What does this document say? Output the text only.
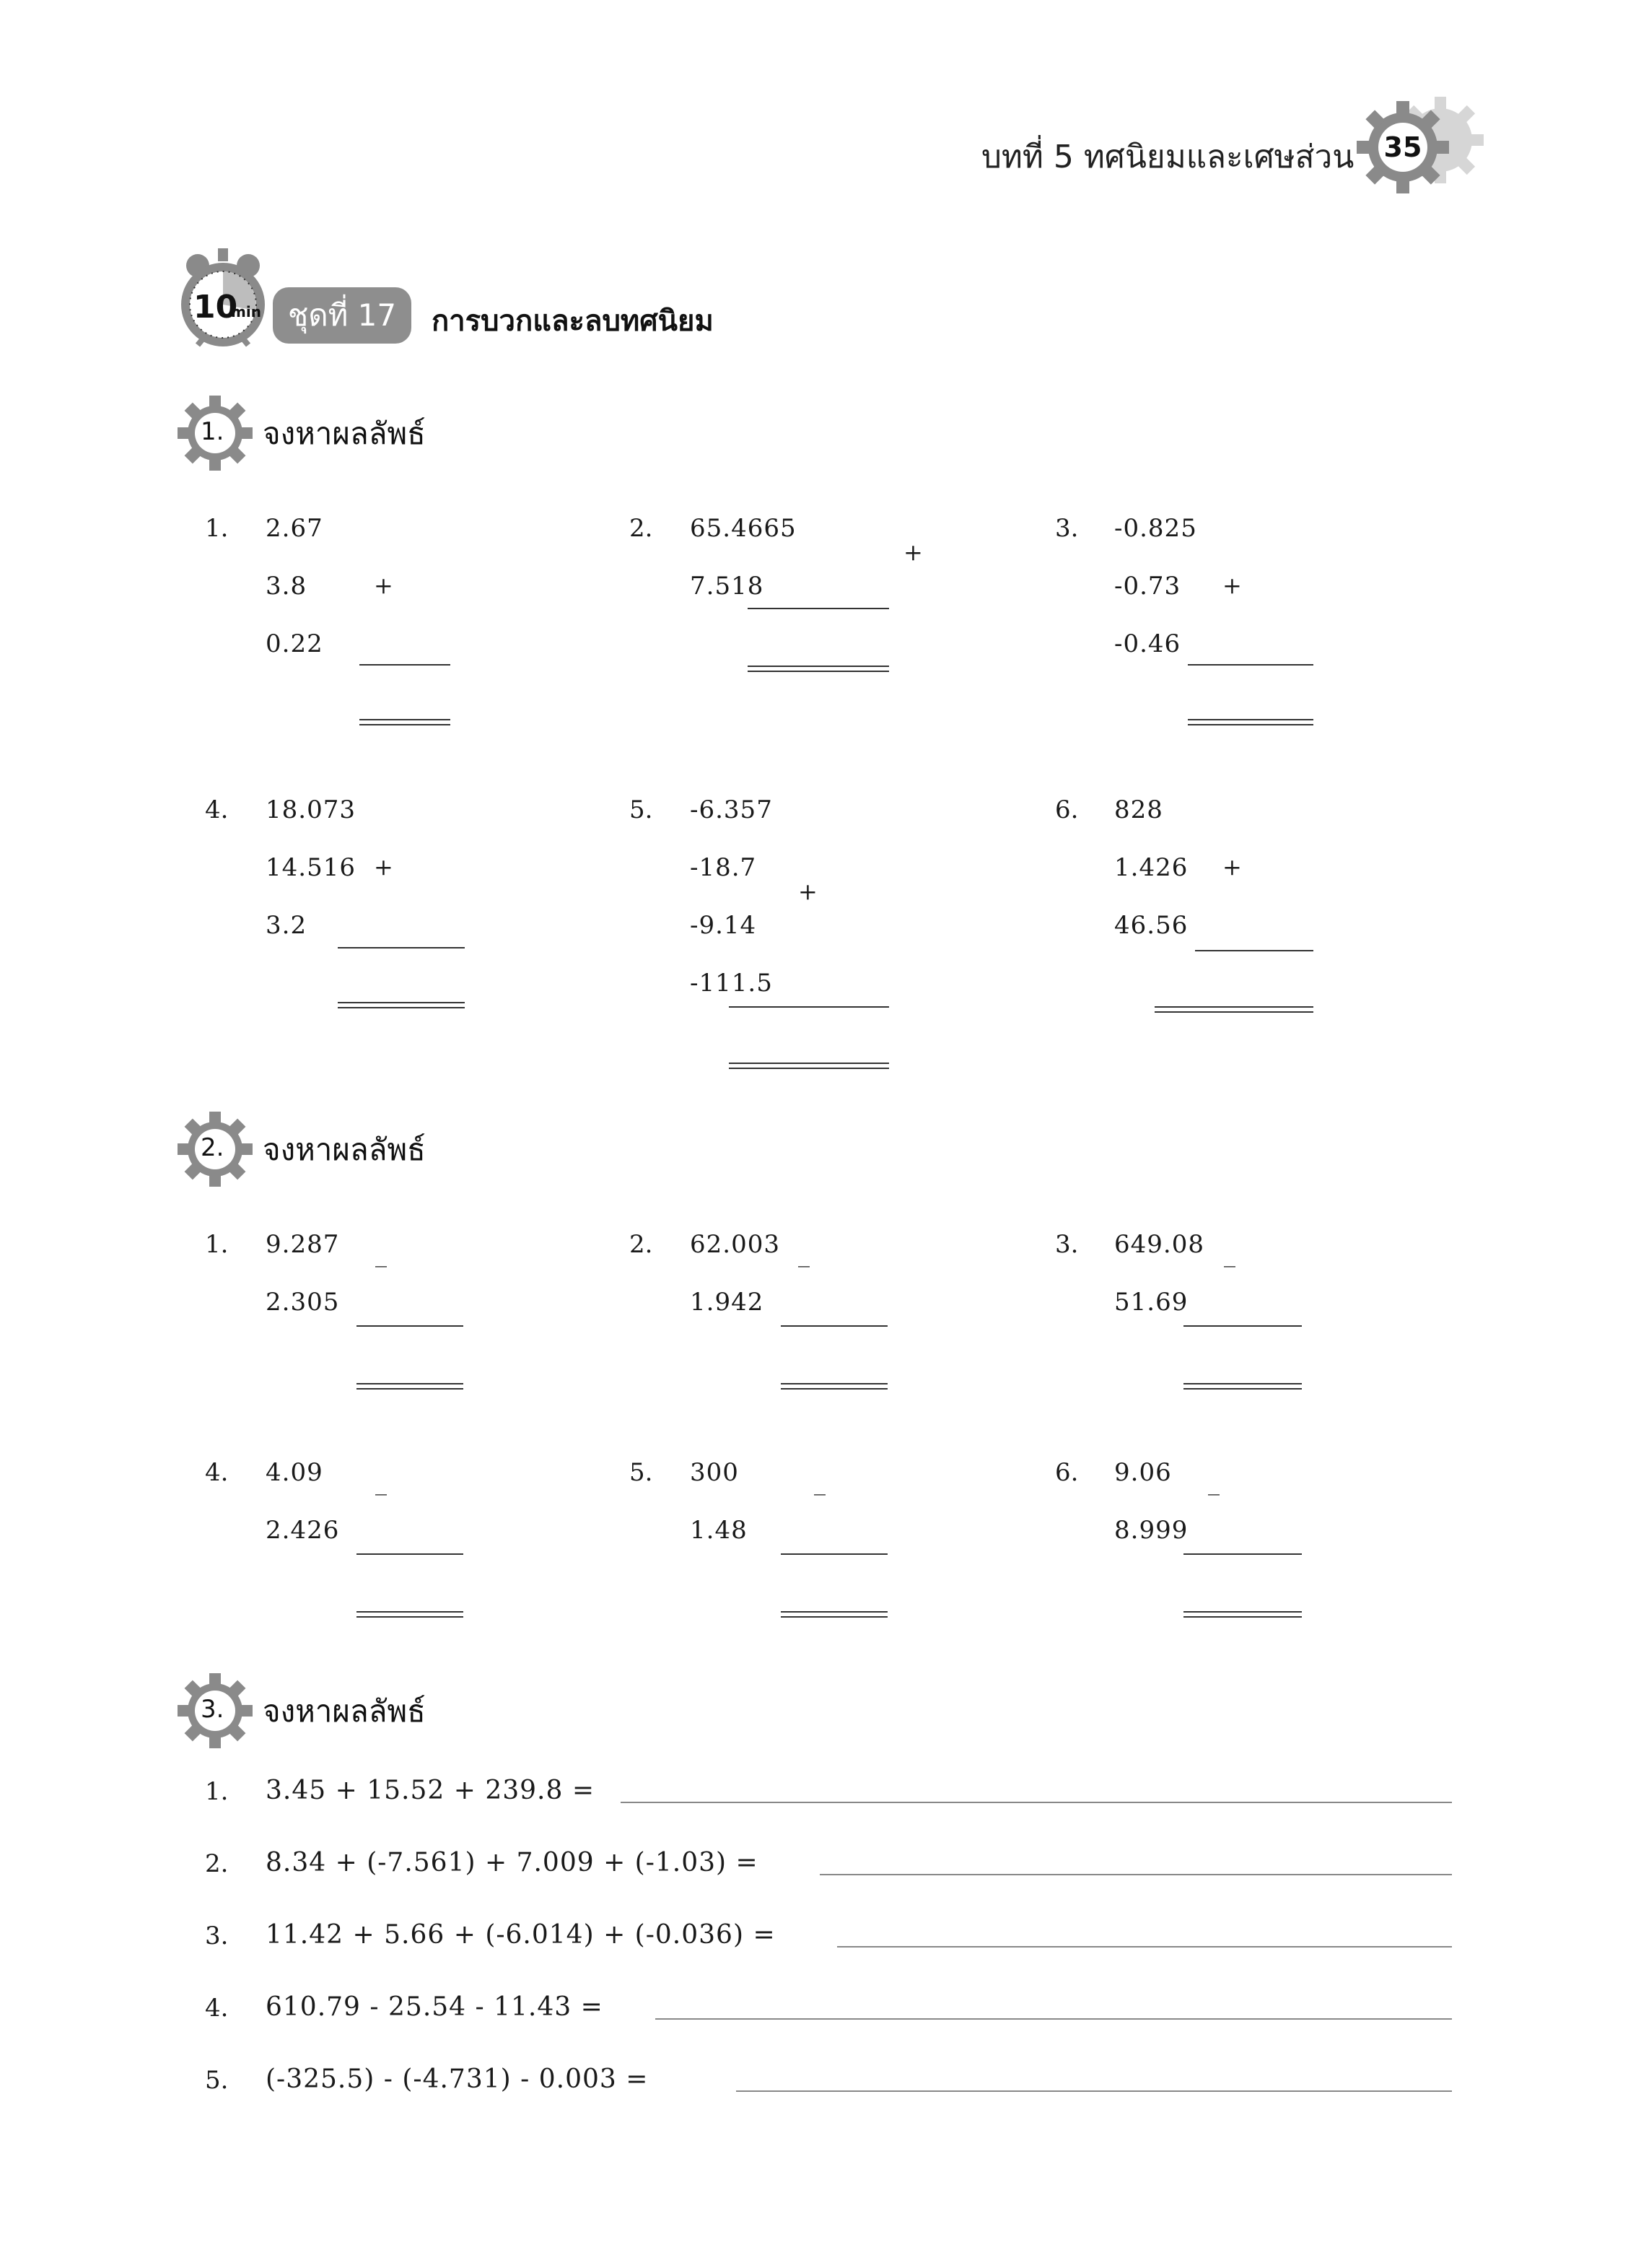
บทที่ 5 ทศนิยมและเศษส่วน 35
10
min ชุดที่ 17	การบวกและลบทศนิยม
1. จงหาผลลัพธ์
2. จงหาผลลัพธ์
3. จงหาผลลัพธ์
1. 2.67
3.8
0.22
+
2. 65.4665
7.518
+
3. -0.825
-0.73
-0.46
+
4. 18.073
14.516
3.2
+
5. -6.357
-18.7
-9.14
-111.5
+
6. 828
1.426
46.56
+
1. 9.287
2.305
_	2. 62.003
1.942
_	3. 649.08
51.69
_
4. 4.09
2.426
_	5. 300
1.48
_	6. 9.06
8.999
_
1. 3.45 + 15.52 + 239.8 =
2. 8.34 + (-7.561) + 7.009 + (-1.03) =
3. 11.42 + 5.66 + (-6.014) + (-0.036) =
4. 610.79 - 25.54 - 11.43 =
5. (-325.5) - (-4.731) - 0.003 =
